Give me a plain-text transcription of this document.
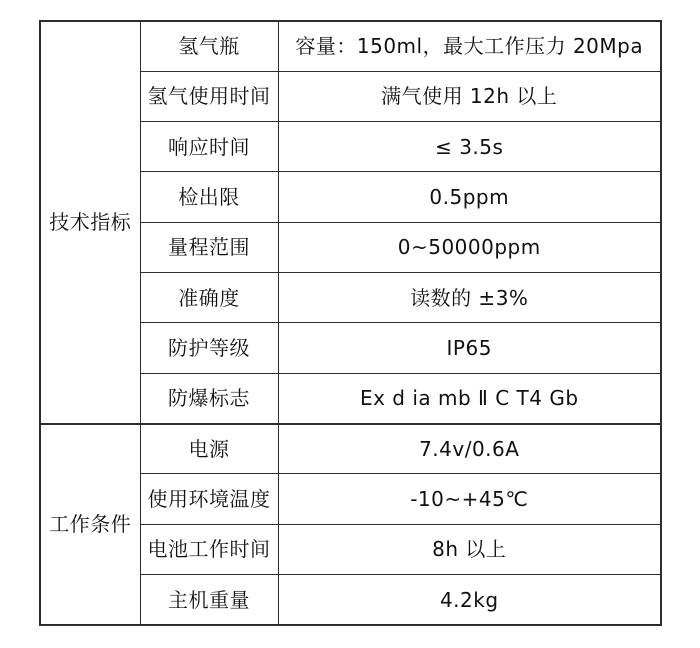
技术指标	氢气瓶	容量：150ml，最大工作压力 20Mpa
	氢气使用时间	满气使用 12h 以上
	响应时间	≤ 3.5s
	检出限	0.5ppm
	量程范围	0~50000ppm
	准确度	读数的 ±3%
	防护等级	IP65
	防爆标志	Ex d ia mb Ⅱ C T4 Gb
工作条件	电源	7.4v/0.6A
	使用环境温度	-10~+45℃
	电池工作时间	8h 以上
	主机重量	4.2kg
